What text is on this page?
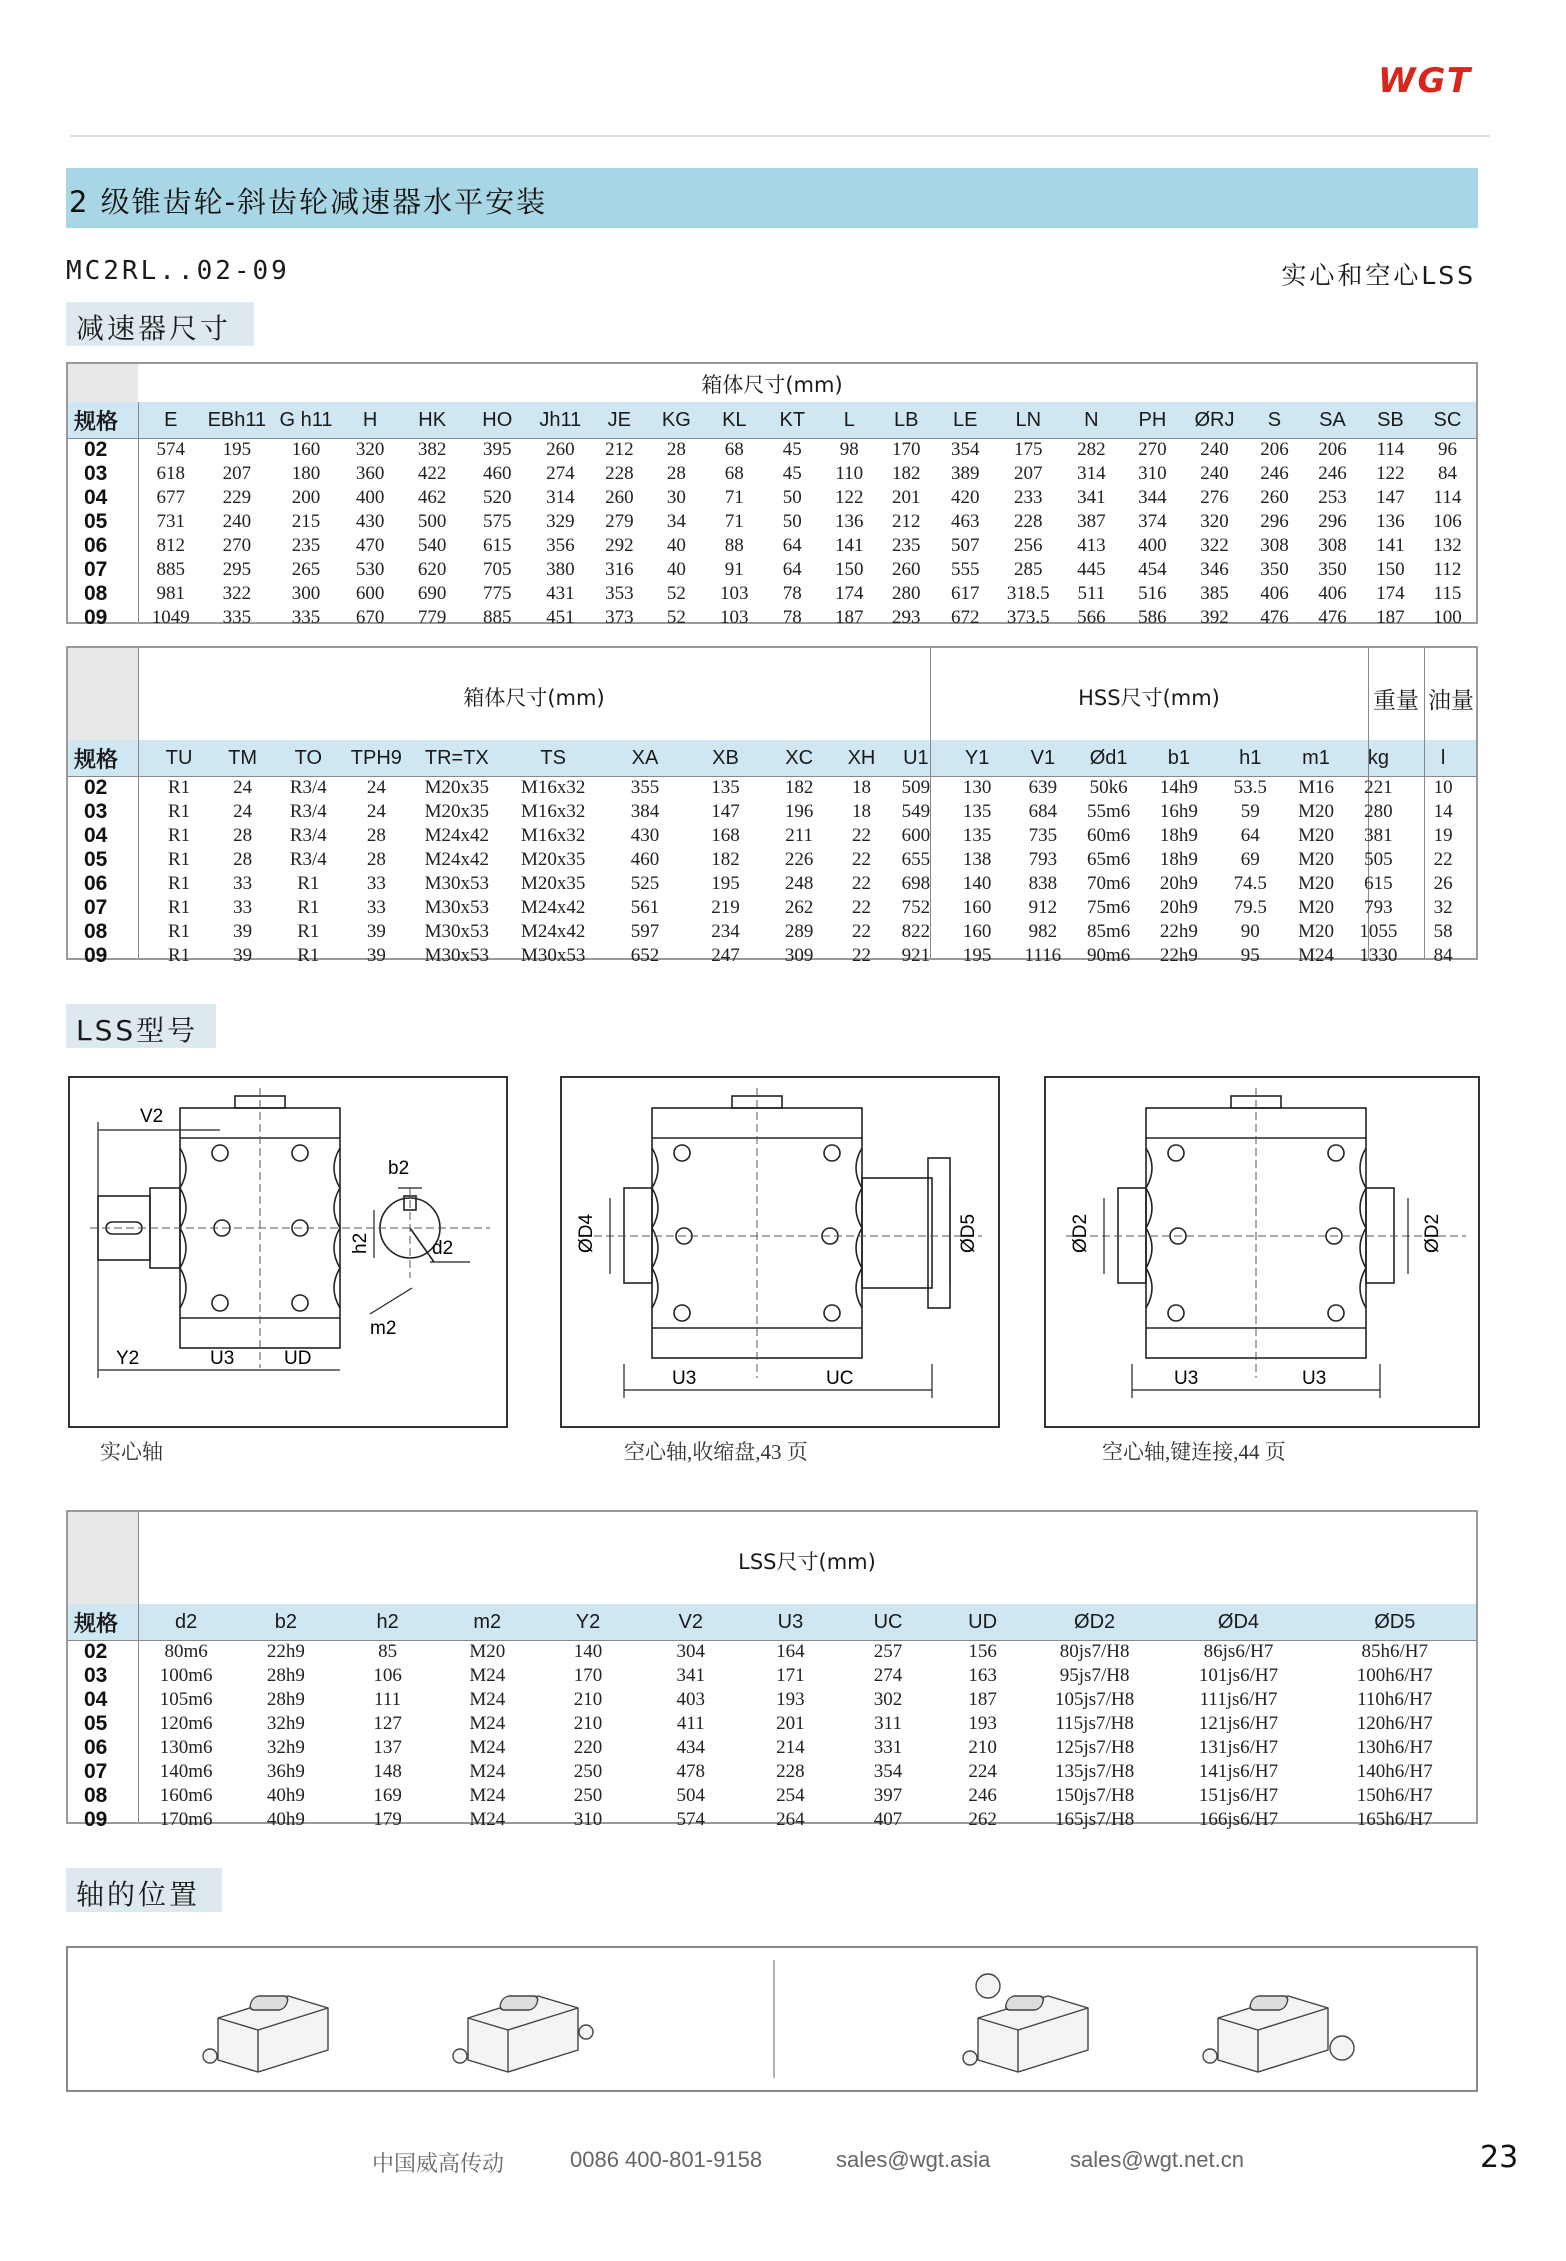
WGT
2 级锥齿轮-斜齿轮减速器水平安装
MC2RL..02-09	实心和空心LSS
减速器尺寸
箱体尺寸(mm)
规格	E	EBh11	G h11	H	HK	HO	Jh11	JE	KG	KL	KT	L	LB	LE	LN	N	PH	ØRJ	S	SA	SB	SC
02	574	195	160	320	382	395	260	212	28	68	45	98	170	354	175	282	270	240	206	206	114	96
03	618	207	180	360	422	460	274	228	28	68	45	110	182	389	207	314	310	240	246	246	122	84
04	677	229	200	400	462	520	314	260	30	71	50	122	201	420	233	341	344	276	260	253	147	114
05	731	240	215	430	500	575	329	279	34	71	50	136	212	463	228	387	374	320	296	296	136	106
06	812	270	235	470	540	615	356	292	40	88	64	141	235	507	256	413	400	322	308	308	141	132
07	885	295	265	530	620	705	380	316	40	91	64	150	260	555	285	445	454	346	350	350	150	112
08	981	322	300	600	690	775	431	353	52	103	78	174	280	617	318.5	511	516	385	406	406	174	115
09	1049	335	335	670	779	885	451	373	52	103	78	187	293	672	373.5	566	586	392	476	476	187	100
箱体尺寸(mm)	HSS尺寸(mm)	重量 油量
规格	TU	TM	TO	TPH9	TR=TX	TS	XA	XB	XC	XH	U1	Y1	V1	Ød1	b1	h1	m1	kg	l
02	R1	24	R3/4	24	M20x35	M16x32	355	135	182	18	509	130	639	50k6	14h9	53.5	M16	221	10
03	R1	24	R3/4	24	M20x35	M16x32	384	147	196	18	549	135	684	55m6	16h9	59	M20	280	14
04	R1	28	R3/4	28	M24x42	M16x32	430	168	211	22	600	135	735	60m6	18h9	64	M20	381	19
05	R1	28	R3/4	28	M24x42	M20x35	460	182	226	22	655	138	793	65m6	18h9	69	M20	505	22
06	R1	33	R1	33	M30x53	M20x35	525	195	248	22	698	140	838	70m6	20h9	74.5	M20	615	26
07	R1	33	R1	33	M30x53	M24x42	561	219	262	22	752	160	912	75m6	20h9	79.5	M20	793	32
08	R1	39	R1	39	M30x53	M24x42	597	234	289	22	822	160	982	85m6	22h9	90	M20	1055	58
09	R1	39	R1	39	M30x53	M30x53	652	247	309	22	921	195	1116	90m6	22h9	95	M24	1330	84
LSS型号
V2
b2
h2	d2
m2
Y2	U3	UD
实心轴
ØD4	ØD5
U3	UC
空心轴,收缩盘,43 页
ØD2	ØD2
U3	U3
空心轴,键连接,44 页
LSS尺寸(mm)
规格	d2	b2	h2	m2	Y2	V2	U3	UC	UD	ØD2	ØD4	ØD5
02	80m6	22h9	85	M20	140	304	164	257	156	80js7/H8	86js6/H7	85h6/H7
03	100m6	28h9	106	M24	170	341	171	274	163	95js7/H8	101js6/H7	100h6/H7
04	105m6	28h9	111	M24	210	403	193	302	187	105js7/H8	111js6/H7	110h6/H7
05	120m6	32h9	127	M24	210	411	201	311	193	115js7/H8	121js6/H7	120h6/H7
06	130m6	32h9	137	M24	220	434	214	331	210	125js7/H8	131js6/H7	130h6/H7
07	140m6	36h9	148	M24	250	478	228	354	224	135js7/H8	141js6/H7	140h6/H7
08	160m6	40h9	169	M24	250	504	254	397	246	150js7/H8	151js6/H7	150h6/H7
09	170m6	40h9	179	M24	310	574	264	407	262	165js7/H8	166js6/H7	165h6/H7
轴的位置
中国威高传动	0086 400-801-9158	sales@wgt.asia	sales@wgt.net.cn	23
